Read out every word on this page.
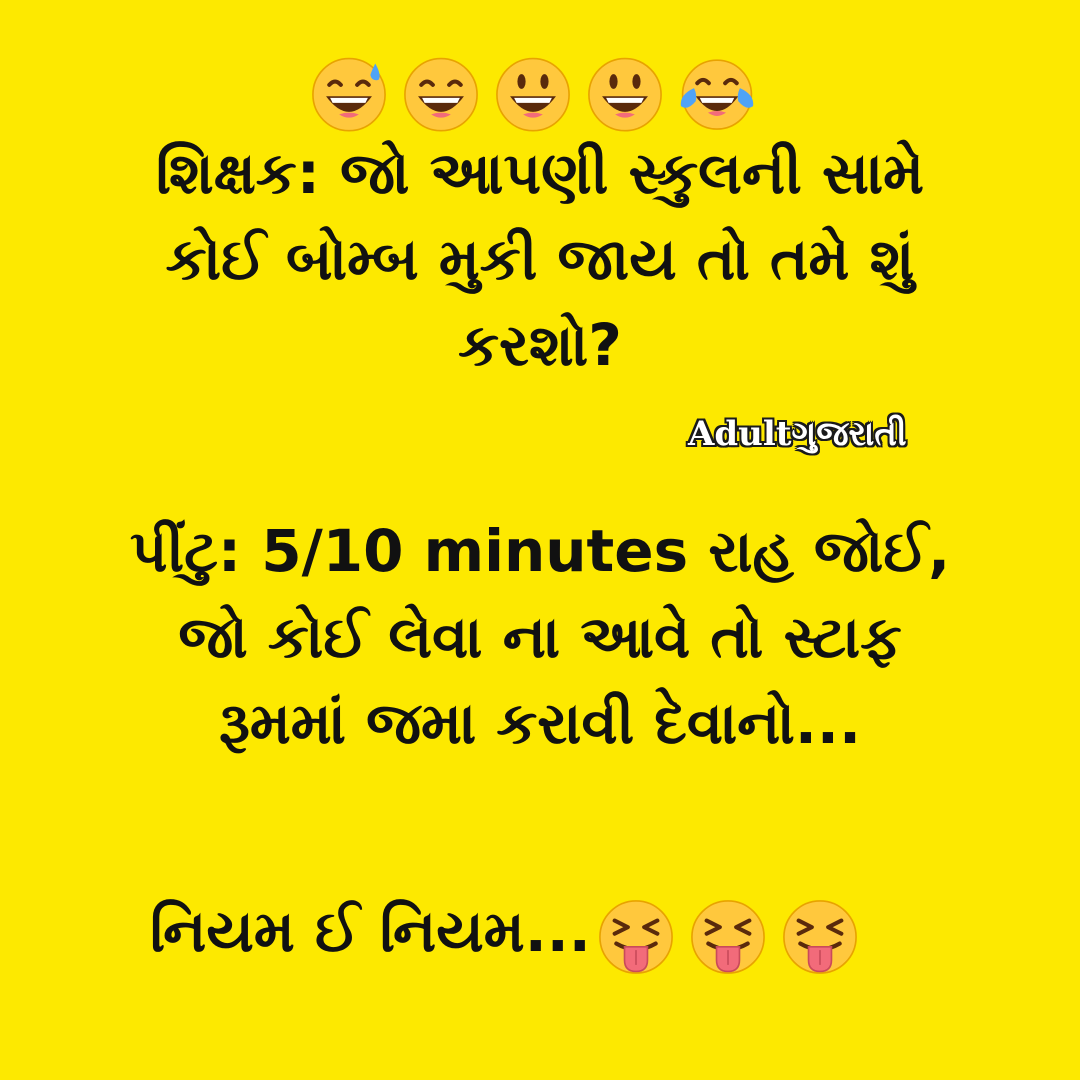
શિક્ષક: જો આપણી સ્કુલની સામે
કોઈ બોમ્બ મુકી જાય તો તમે શું
કરશો?
Adultગુજરાતી
પીંટુ: 5/10 minutes રાહ જોઈ,
જો કોઈ લેવા ના આવે તો સ્ટાફ
રૂમમાં જમા કરાવી દેવાનો...
નિયમ ઈ નિયમ...
